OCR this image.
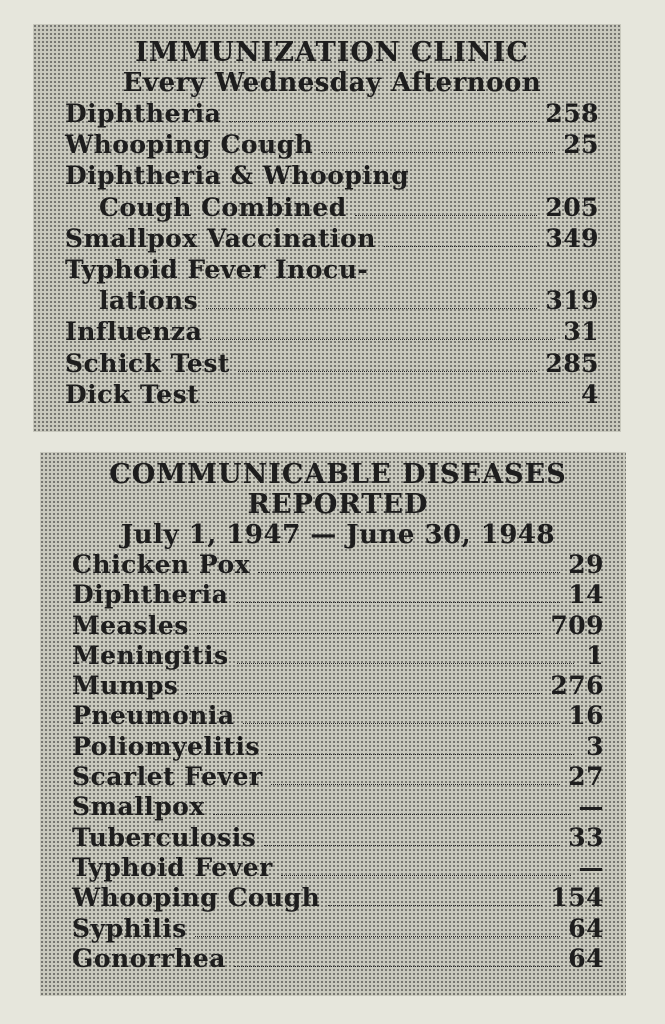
IMMUNIZATION CLINIC
Every Wednesday Afternoon
Diphtheria	258
Whooping Cough	25
Diphtheria & Whooping
Cough Combined	205
Smallpox Vaccination	349
Typhoid Fever Inocu-
lations	319
Influenza	31
Schick Test	285
Dick Test	4
COMMUNICABLE DISEASES
REPORTED
July 1, 1947 — June 30, 1948
Chicken Pox	29
Diphtheria	14
Measles	709
Meningitis	1
Mumps	276
Pneumonia	16
Poliomyelitis	3
Scarlet Fever	27
Smallpox	—
Tuberculosis	33
Typhoid Fever	—
Whooping Cough	154
Syphilis	64
Gonorrhea	64
